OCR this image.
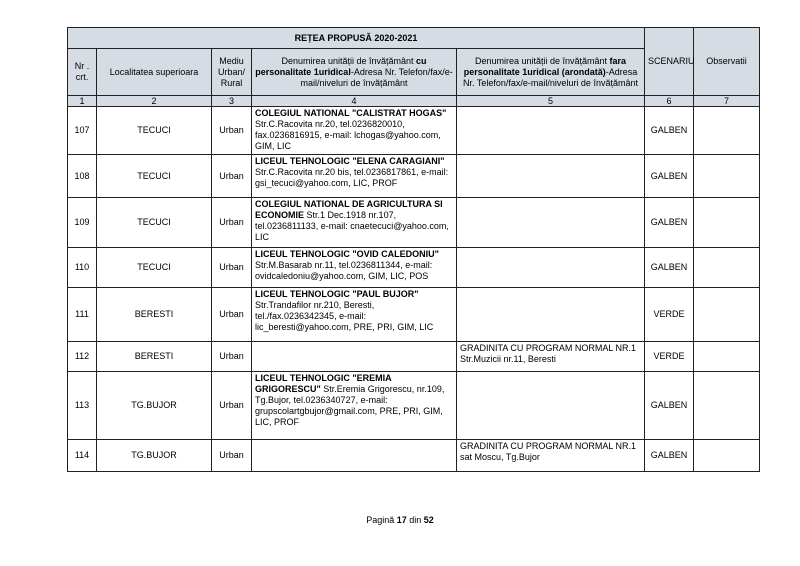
REȚEA PROPUSĂ 2020-2021					SCENARIU	Observatii
Nr . crt.	Localitatea superioara	Mediu Urban/ Rural	Denumirea unității de învățământ cu personalitate 1uridical-Adresa Nr. Telefon/fax/e-mail/niveluri de învățământ	Denumirea unității de învățământ fara personalitate 1uridical (arondată)-Adresa Nr. Telefon/fax/e-mail/niveluri de învățământ		
1	2	3	4	5	6	7
107	TECUCI	Urban	COLEGIUL NATIONAL "CALISTRAT HOGAS" Str.C.Racovita nr.20, tel.0236820010, fax.0236816915, e-mail: lchogas@yahoo.com, GIM, LIC		GALBEN	
108	TECUCI	Urban	LICEUL TEHNOLOGIC "ELENA CARAGIANI" Str.C.Racovita nr.20 bis, tel.0236817861, e-mail: gsi_tecuci@yahoo.com, LIC, PROF		GALBEN	
109	TECUCI	Urban	COLEGIUL NATIONAL DE AGRICULTURA SI ECONOMIE Str.1 Dec.1918 nr.107, tel.0236811133, e-mail: cnaetecuci@yahoo.com, LIC		GALBEN	
110	TECUCI	Urban	LICEUL TEHNOLOGIC "OVID CALEDONIU" Str.M.Basarab nr.11, tel.0236811344, e-mail: ovidcaledoniu@yahoo.com, GIM, LIC, POS		GALBEN	
111	BERESTI	Urban	LICEUL TEHNOLOGIC "PAUL BUJOR" Str.Trandafilor nr.210, Beresti, tel./fax.0236342345, e-mail: lic_beresti@yahoo.com, PRE, PRI, GIM, LIC		VERDE	
112	BERESTI	Urban		GRADINITA CU PROGRAM NORMAL NR.1 Str.Muzicii nr.11, Beresti	VERDE	
113	TG.BUJOR	Urban	LICEUL TEHNOLOGIC "EREMIA GRIGORESCU" Str.Eremia Grigorescu, nr.109, Tg.Bujor, tel.0236340727, e-mail: grupscolartgbujor@gmail.com, PRE, PRI, GIM, LIC, PROF		GALBEN	
114	TG.BUJOR	Urban		GRADINITA CU PROGRAM NORMAL NR.1 sat Moscu, Tg.Bujor	GALBEN	
Pagină 17 din 52
